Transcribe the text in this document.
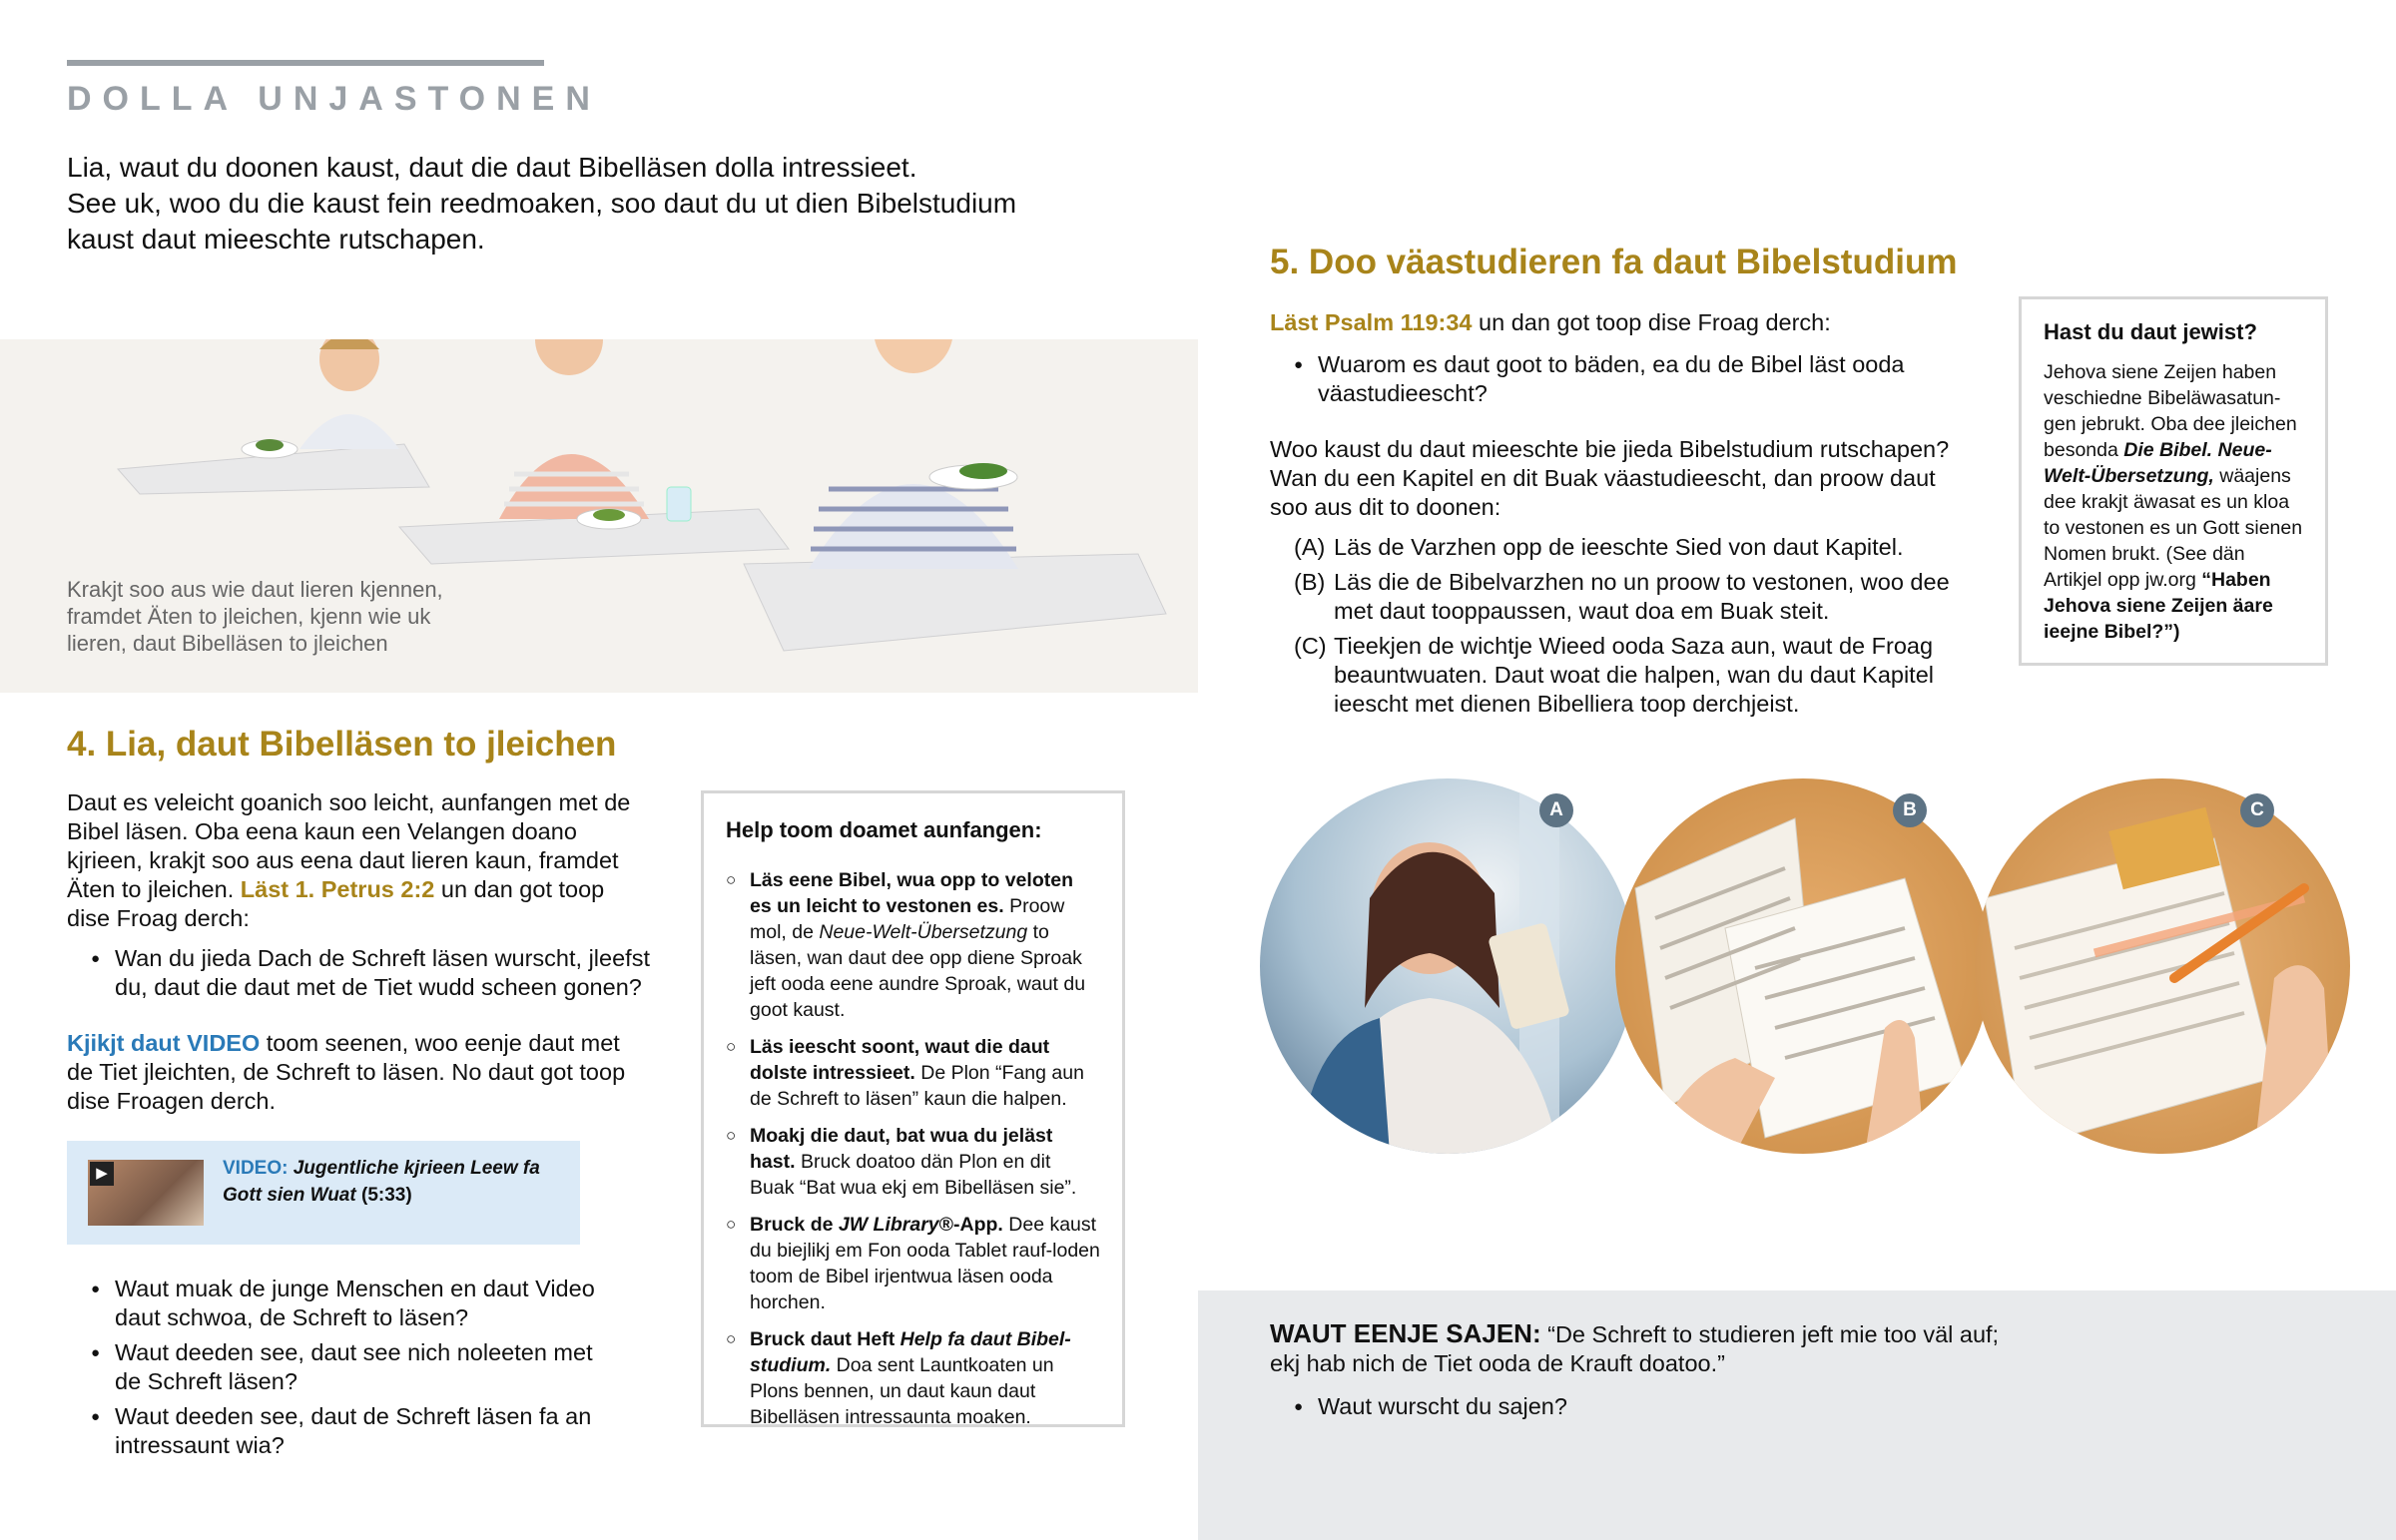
DOLLA UNJASTONEN

Lia, waut du doonen kaust, daut die daut Bibelläsen dolla intressieet.

See uk, woo du die kaust fein reedmoaken, soo daut du ut dien Bibelstudium

kaust daut mieeschte rutschapen.

Krakjt soo aus wie daut lieren kjennen, framdet Äten to jleichen, kjenn wie uk lieren, daut Bibelläsen to jleichen
4. Lia, daut Bibelläsen to jleichen
Daut es veleicht goanich soo leicht, aunfangen met de Bibel läsen. Oba eena kaun een Velangen doano kjrieen, krakjt soo aus eena daut lieren kaun, framdet Äten to jleichen. Läst 1. Petrus 2:2 un dan got toop dise Froag derch:
● Wan du jieda Dach de Schreft läsen wurscht, jleefst du, daut die daut met de Tiet wudd scheen gonen?
Kjikjt daut VIDEO toom seenen, woo eenje daut met de Tiet jleichten, de Schreft to läsen. No daut got toop dise Froagen derch.
▶	VIDEO: Jugentliche kjrieen Leew fa Gott sien Wuat (5:33)
● Waut muak de junge Menschen en daut Video daut schwoa, de Schreft to läsen?
● Waut deeden see, daut see nich noleeten met de Schreft läsen?
● Waut deeden see, daut de Schreft läsen fa an intressaunt wia?
Help toom doamet aunfangen:
○ Läs eene Bibel, wua opp to veloten es un leicht to vestonen es. Proow mol, de Neue-Welt-Übersetzung to läsen, wan daut dee opp diene Sproak jeft ooda eene aundre Sproak, waut du goot kaust.
○ Läs ieescht soont, waut die daut dolste intressieet. De Plon “Fang aun de Schreft to läsen” kaun die halpen.
○ Moakj die daut, bat wua du jeläst hast. Bruck doatoo dän Plon en dit Buak “Bat wua ekj em Bibelläsen sie”.
○ Bruck de JW Library®-App. Dee kaust du biejlikj em Fon ooda Tablet rauf-loden toom de Bibel irjentwua läsen ooda horchen.
○ Bruck daut Heft Help fa daut Bibel-studium. Doa sent Launtkoaten un Plons bennen, un daut kaun daut Bibelläsen intressaunta moaken.
5. Doo väastudieren fa daut Bibelstudium
Läst Psalm 119:34 un dan got toop dise Froag derch:
● Wuarom es daut goot to bäden, ea du de Bibel läst ooda väastudieescht?
Woo kaust du daut mieeschte bie jieda Bibelstudium rutschapen? Wan du een Kapitel en dit Buak väastudieescht, dan proow daut soo aus dit to doonen:
(A) Läs de Varzhen opp de ieeschte Sied von daut Kapitel.
(B) Läs die de Bibelvarzhen no un proow to vestonen, woo dee met daut tooppaussen, waut doa em Buak steit.
(C) Tieekjen de wichtje Wieed ooda Saza aun, waut de Froag beauntwuaten. Daut woat die halpen, wan du daut Kapitel ieescht met dienen Bibelliera toop derchjeist.
Hast du daut jewist?
Jehova siene Zeijen haben veschiedne Bibeläwasatun-gen jebrukt. Oba dee jleichen besonda Die Bibel. Neue-Welt-Übersetzung, wäajens dee krakjt äwasat es un kloa to vestonen es un Gott sienen Nomen brukt. (See dän Artikjel opp jw.org “Haben Jehova siene Zeijen äare ieejne Bibel?”)
A	B	C
WAUT EENJE SAJEN: “De Schreft to studieren jeft mie too väl auf;
ekj hab nich de Tiet ooda de Krauft doatoo.”
● Waut wurscht du sajen?
